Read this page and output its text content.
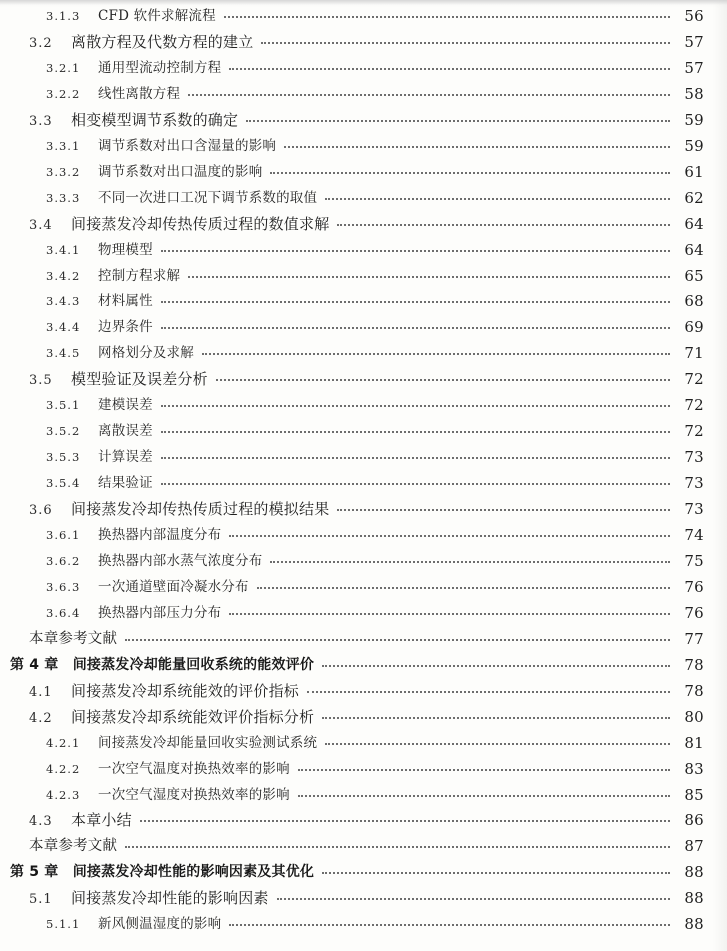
3.1.3 CFD 软件求解流程	56
3.2 离散方程及代数方程的建立	57
3.2.1 通用型流动控制方程	57
3.2.2 线性离散方程	58
3.3 相变模型调节系数的确定	59
3.3.1 调节系数对出口含湿量的影响	59
3.3.2 调节系数对出口温度的影响	61
3.3.3 不同一次进口工况下调节系数的取值	62
3.4 间接蒸发冷却传热传质过程的数值求解	64
3.4.1 物理模型	64
3.4.2 控制方程求解	65
3.4.3 材料属性	68
3.4.4 边界条件	69
3.4.5 网格划分及求解	71
3.5 模型验证及误差分析	72
3.5.1 建模误差	72
3.5.2 离散误差	72
3.5.3 计算误差	73
3.5.4 结果验证	73
3.6 间接蒸发冷却传热传质过程的模拟结果	73
3.6.1 换热器内部温度分布	74
3.6.2 换热器内部水蒸气浓度分布	75
3.6.3 一次通道壁面冷凝水分布	76
3.6.4 换热器内部压力分布	76
本章参考文献	77
第 4 章　间接蒸发冷却能量回收系统的能效评价	78
4.1 间接蒸发冷却系统能效的评价指标	78
4.2 间接蒸发冷却系统能效评价指标分析	80
4.2.1 间接蒸发冷却能量回收实验测试系统	81
4.2.2 一次空气温度对换热效率的影响	83
4.2.3 一次空气湿度对换热效率的影响	85
4.3 本章小结	86
本章参考文献	87
第 5 章　间接蒸发冷却性能的影响因素及其优化	88
5.1 间接蒸发冷却性能的影响因素	88
5.1.1 新风侧温湿度的影响	88
